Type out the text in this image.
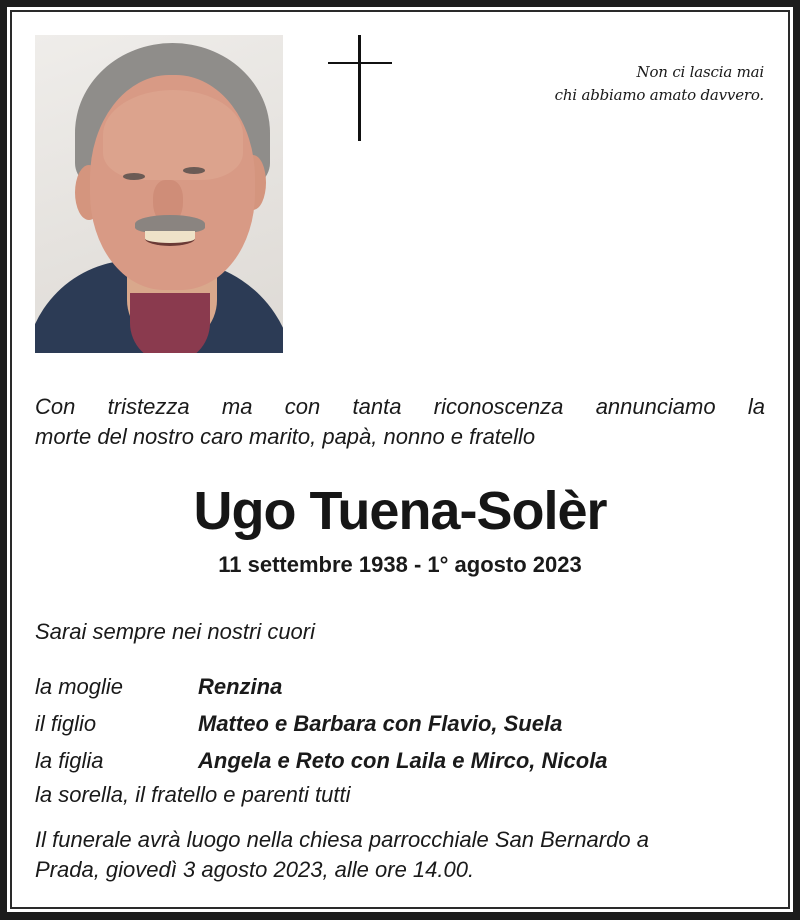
Non ci lascia mai
chi abbiamo amato davvero.
Con tristezza ma con tanta riconoscenza annunciamo la
morte del nostro caro marito, papà, nonno e fratello
Ugo Tuena-Solèr
11 settembre 1938 - 1° agosto 2023
Sarai sempre nei nostri cuori
la moglie	Renzina
il figlio	Matteo e Barbara con Flavio, Suela
la figlia	Angela e Reto con Laila e Mirco, Nicola
la sorella, il fratello e parenti tutti
Il funerale avrà luogo nella chiesa parrocchiale San Bernardo a
Prada, giovedì 3 agosto 2023, alle ore 14.00.
